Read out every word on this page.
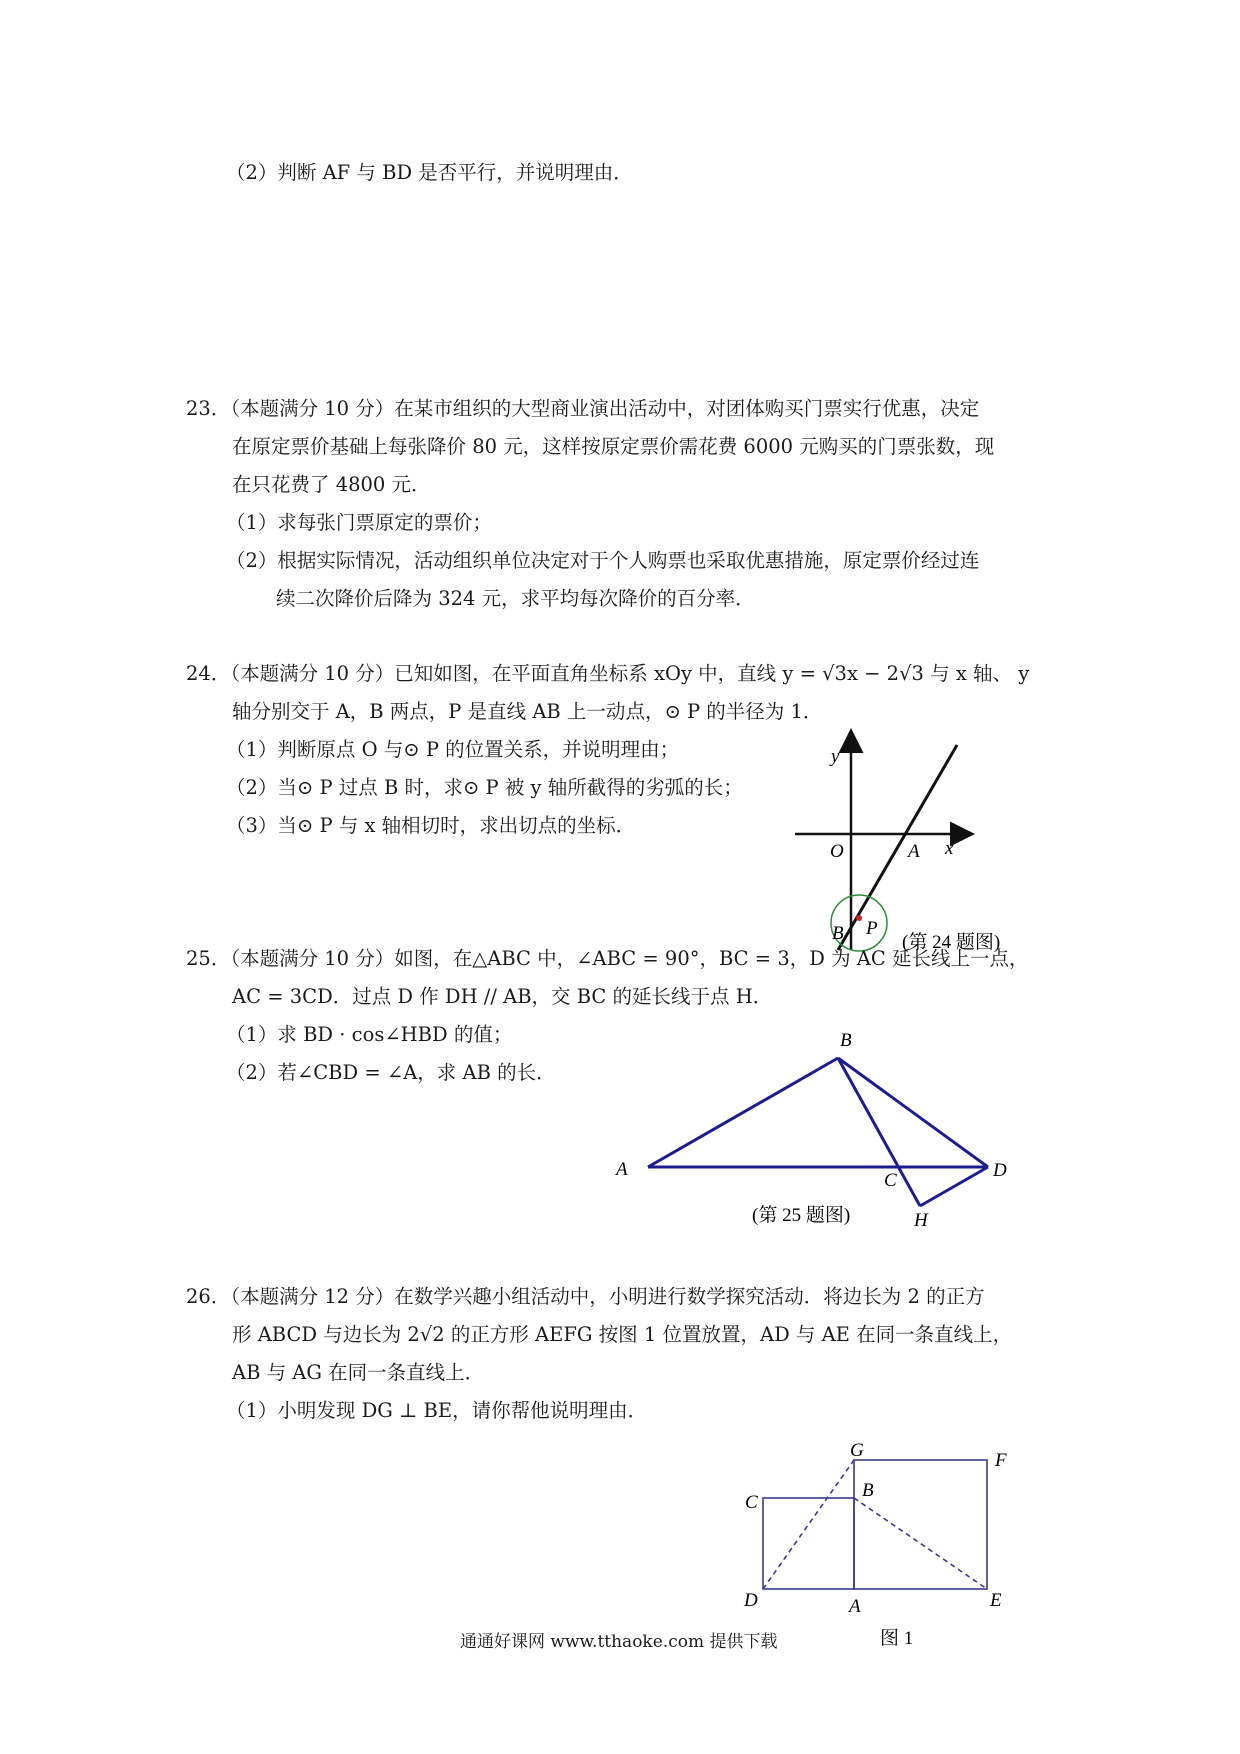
（2）判断 AF 与 BD 是否平行，并说明理由．
23．（本题满分 10 分）在某市组织的大型商业演出活动中，对团体购买门票实行优惠，决定
在原定票价基础上每张降价 80 元，这样按原定票价需花费 6000 元购买的门票张数，现
在只花费了 4800 元．
（1）求每张门票原定的票价；
（2）根据实际情况，活动组织单位决定对于个人购票也采取优惠措施，原定票价经过连
续二次降价后降为 324 元，求平均每次降价的百分率．
24．（本题满分 10 分）已知如图，在平面直角坐标系 xOy 中，直线 y = √3x − 2√3 与 x 轴、 y
轴分别交于 A，B 两点，P 是直线 AB 上一动点，⊙ P 的半径为 1．
（1）判断原点 O 与⊙ P 的位置关系，并说明理由；
（2）当⊙ P 过点 B 时，求⊙ P 被 y 轴所截得的劣弧的长；
（3）当⊙ P 与 x 轴相切时，求出切点的坐标．
y
x
O	A
B P
(第 24 题图)
25．（本题满分 10 分）如图，在△ABC 中，∠ABC = 90°，BC = 3，D 为 AC 延长线上一点，
AC = 3CD．过点 D 作 DH // AB，交 BC 的延长线于点 H．
（1）求 BD · cos∠HBD 的值；
（2）若∠CBD = ∠A，求 AB 的长．
A
B
C	D
H
(第 25 题图)
26．（本题满分 12 分）在数学兴趣小组活动中，小明进行数学探究活动．将边长为 2 的正方
形 ABCD 与边长为 2√2 的正方形 AEFG 按图 1 位置放置，AD 与 AE 在同一条直线上，
AB 与 AG 在同一条直线上．
（1）小明发现 DG ⊥ BE，请你帮他说明理由．
G	F
C
B
D	A	E
图 1
通通好课网 www.tthaoke.com 提供下载
